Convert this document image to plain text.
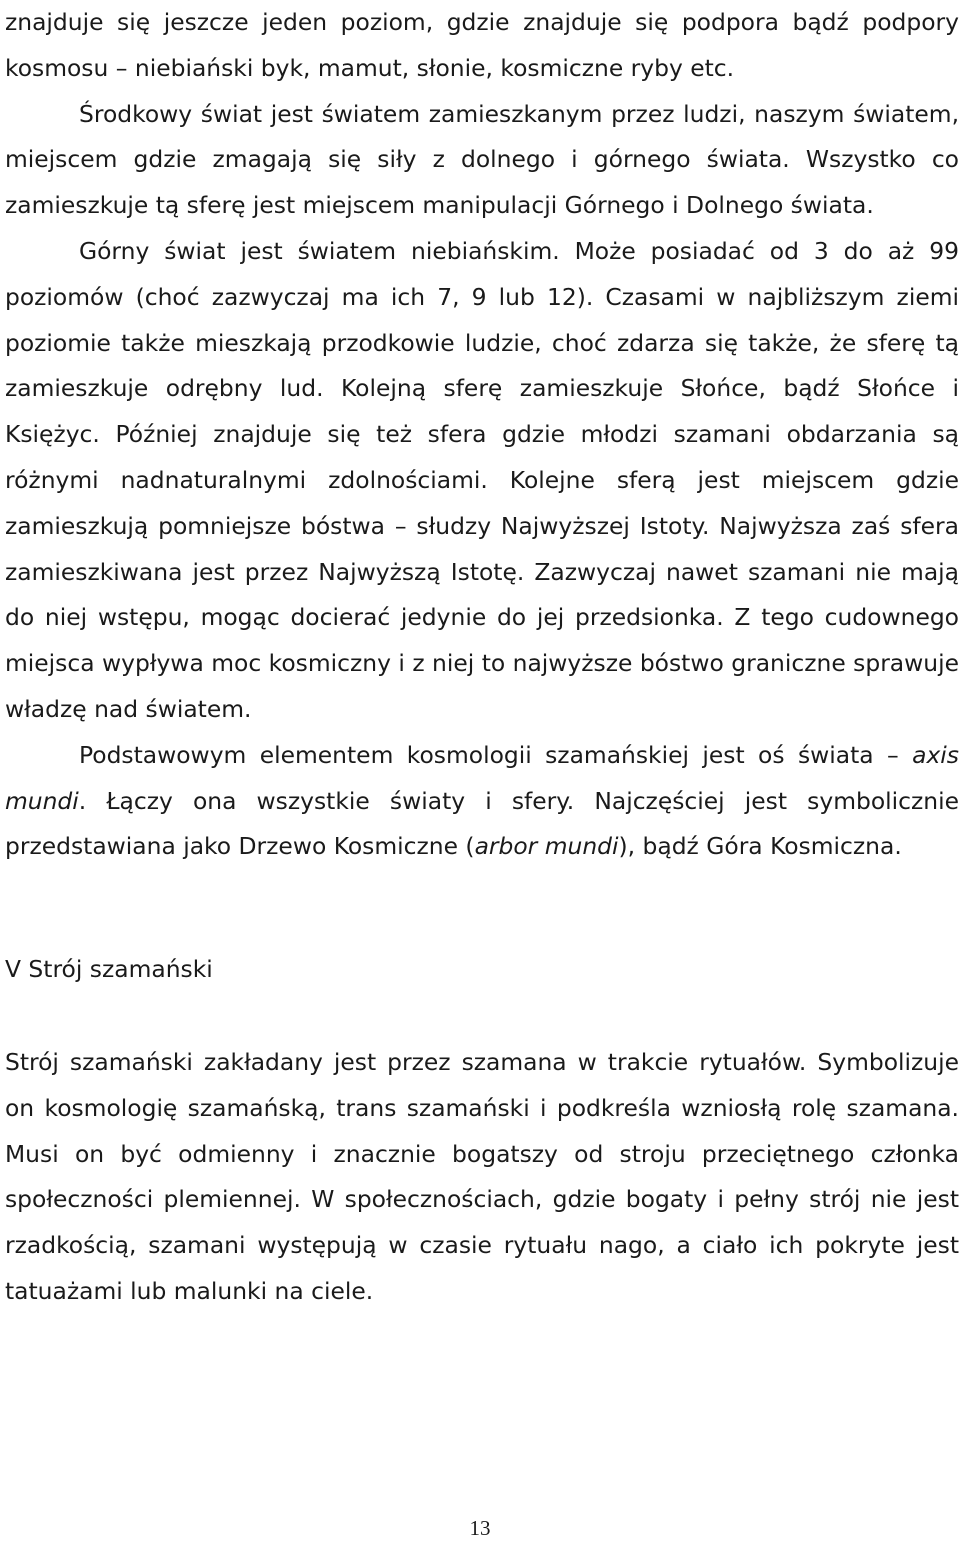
znajduje się jeszcze jeden poziom, gdzie znajduje się podpora bądź podpory kosmosu – niebiański byk, mamut, słonie, kosmiczne ryby etc.

Środkowy świat jest światem zamieszkanym przez ludzi, naszym światem, miejscem gdzie zmagają się siły z dolnego i górnego świata. Wszystko co zamieszkuje tą sferę jest miejscem manipulacji Górnego i Dolnego świata.

Górny świat jest światem niebiańskim. Może posiadać od 3 do aż 99 poziomów (choć zazwyczaj ma ich 7, 9 lub 12). Czasami w najbliższym ziemi poziomie także mieszkają przodkowie ludzie, choć zdarza się także, że sferę tą zamieszkuje odrębny lud. Kolejną sferę zamieszkuje Słońce, bądź Słońce i Księżyc. Później znajduje się też sfera gdzie młodzi szamani obdarzania są różnymi nadnaturalnymi zdolnościami. Kolejne sferą jest miejscem gdzie zamieszkują pomniejsze bóstwa – słudzy Najwyższej Istoty. Najwyższa zaś sfera zamieszkiwana jest przez Najwyższą Istotę. Zazwyczaj nawet szamani nie mają do niej wstępu, mogąc docierać jedynie do jej przedsionka. Z tego cudownego miejsca wypływa moc kosmiczny i z niej to najwyższe bóstwo graniczne sprawuje władzę nad światem.

Podstawowym elementem kosmologii szamańskiej jest oś świata – axis mundi. Łączy ona wszystkie światy i sfery. Najczęściej jest symbolicznie przedstawiana jako Drzewo Kosmiczne (arbor mundi), bądź Góra Kosmiczna.

V Strój szamański

Strój szamański zakładany jest przez szamana w trakcie rytuałów. Symbolizuje on kosmologię szamańską, trans szamański i podkreśla wzniosłą rolę szamana. Musi on być odmienny i znacznie bogatszy od stroju przeciętnego członka społeczności plemiennej. W społecznościach, gdzie bogaty i pełny strój nie jest rzadkością, szamani występują w czasie rytuału nago, a ciało ich pokryte jest tatuażami lub malunki na ciele.

13
